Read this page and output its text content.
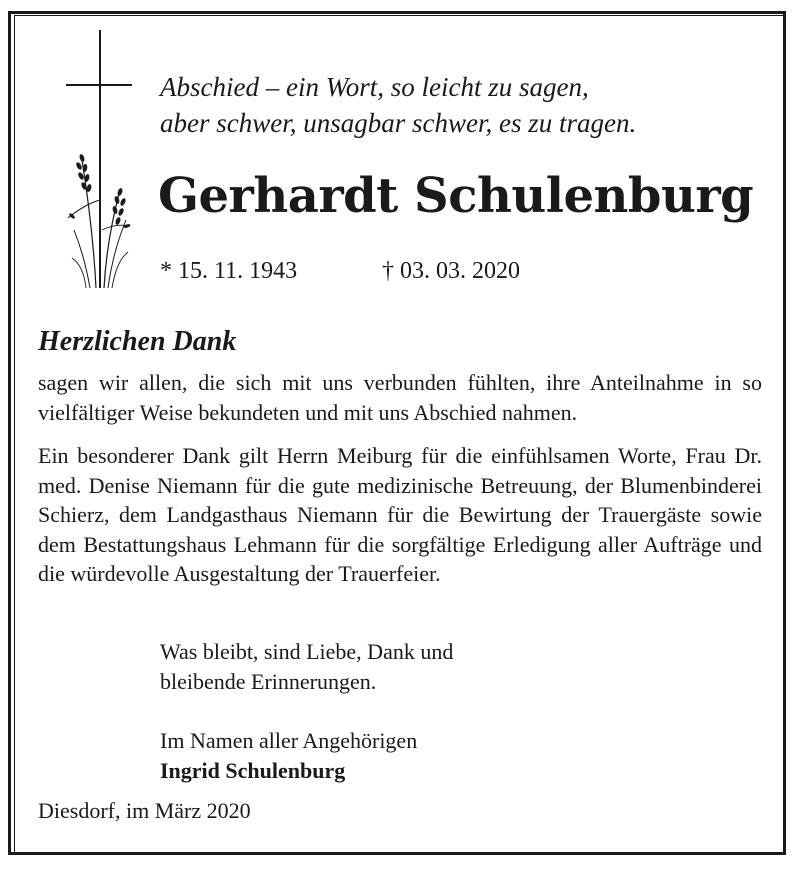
Abschied – ein Wort, so leicht zu sagen,
aber schwer, unsagbar schwer, es zu tragen.
Gerhardt Schulenburg
* 15. 11. 1943	† 03. 03. 2020
Herzlichen Dank
sagen wir allen, die sich mit uns verbunden fühlten, ihre Anteilnahme in so vielfältiger Weise bekundeten und mit uns Abschied nahmen.
Ein besonderer Dank gilt Herrn Meiburg für die einfühlsamen Worte, Frau Dr. med. Denise Niemann für die gute medizinische Betreuung, der Blumenbinderei Schierz, dem Landgasthaus Niemann für die Bewirtung der Trauergäste sowie dem Bestattungshaus Lehmann für die sorgfältige Erledigung aller Aufträge und die würdevolle Ausgestaltung der Trauerfeier.
Was bleibt, sind Liebe, Dank und
bleibende Erinnerungen.
Im Namen aller Angehörigen
Ingrid Schulenburg
Diesdorf, im März 2020
